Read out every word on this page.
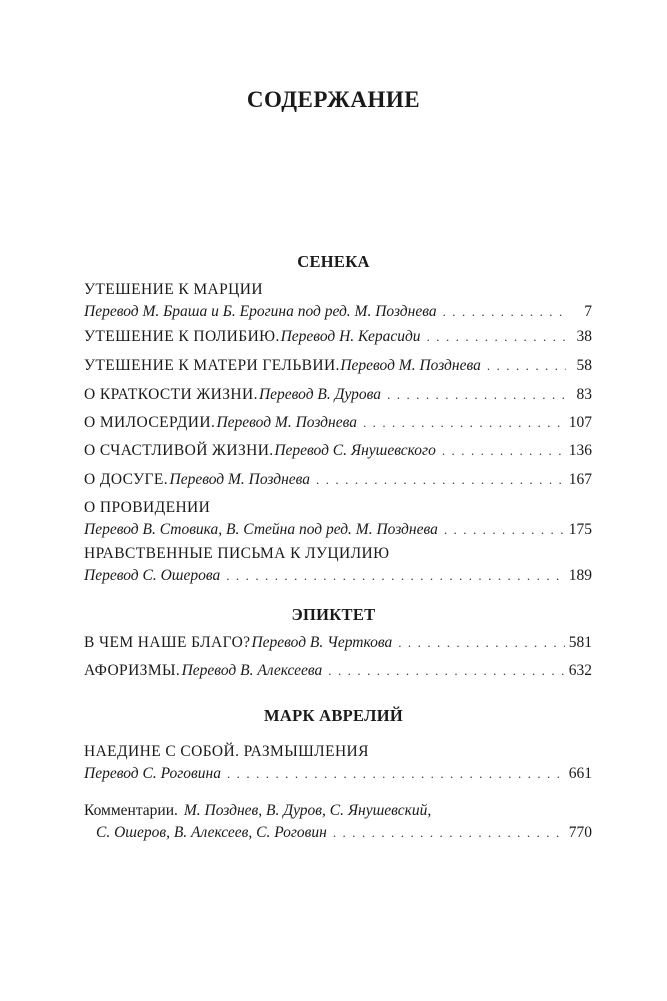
СОДЕРЖАНИЕ
СЕНЕКА
УТЕШЕНИЕ К МАРЦИИ
Перевод М. Браша и Б. Ерогина под ред. М. Позднева . . .	7
УТЕШЕНИЕ К ПОЛИБИЮ. Перевод Н. Керасиди . . .	38
УТЕШЕНИЕ К МАТЕРИ ГЕЛЬВИИ. Перевод М. Позднева . . .	58
О КРАТКОСТИ ЖИЗНИ. Перевод В. Дурова . . .	83
О МИЛОСЕРДИИ. Перевод М. Позднева . . .	107
О СЧАСТЛИВОЙ ЖИЗНИ. Перевод С. Янушевского . . .	136
О ДОСУГЕ. Перевод М. Позднева . . .	167
О ПРОВИДЕНИИ
Перевод В. Стовика, В. Стейна под ред. М. Позднева . . .	175
НРАВСТВЕННЫЕ ПИСЬМА К ЛУЦИЛИЮ
Перевод С. Ошерова . . .	189
ЭПИКТЕТ
В ЧЕМ НАШЕ БЛАГО? Перевод В. Черткова . . .	581
АФОРИЗМЫ. Перевод В. Алексеева . . .	632
МАРК АВРЕЛИЙ
НАЕДИНЕ С СОБОЙ. РАЗМЫШЛЕНИЯ
Перевод С. Роговина . . .	661
Комментарии. М. Позднев, В. Дуров, С. Янушевский,
С. Ошеров, В. Алексеев, С. Роговин . . .	770
